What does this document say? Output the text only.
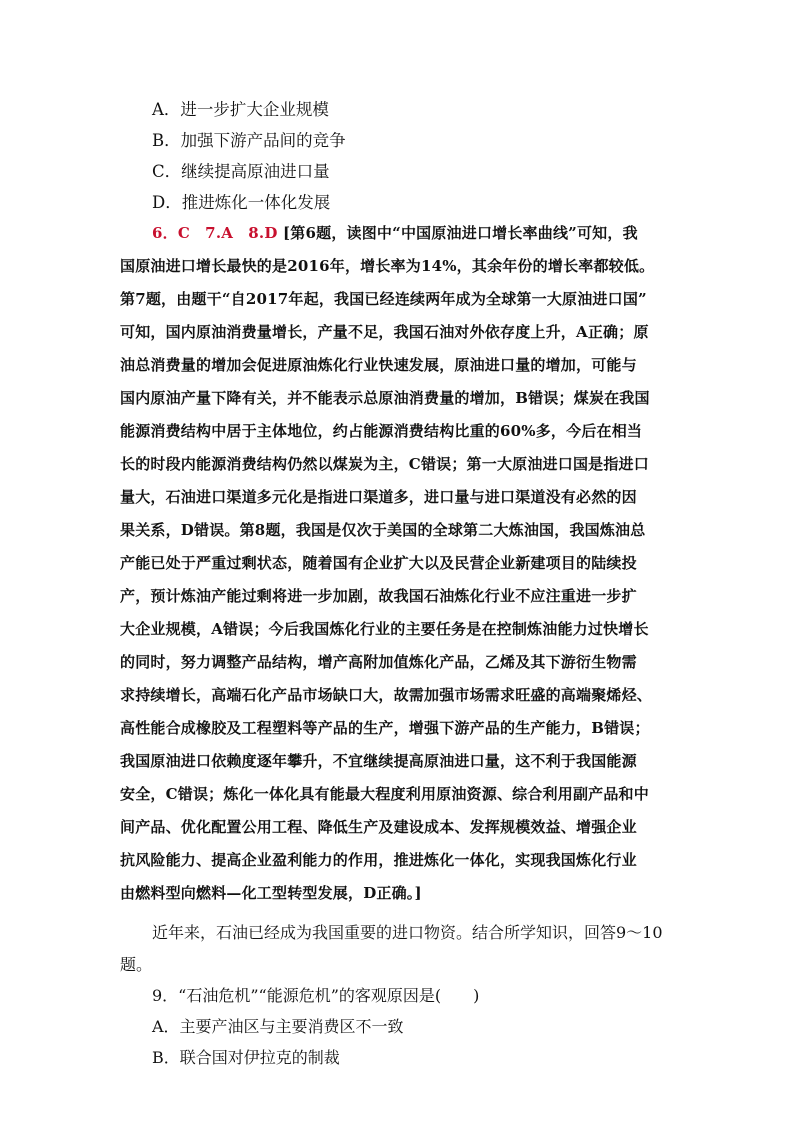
A．进一步扩大企业规模
B．加强下游产品间的竞争
C．继续提高原油进口量
D．推进炼化一体化发展
6．C　7.A　8.D [第6题，读图中“中国原油进口增长率曲线”可知，我
国原油进口增长最快的是2016年，增长率为14%，其余年份的增长率都较低。
第7题，由题干“自2017年起，我国已经连续两年成为全球第一大原油进口国”
可知，国内原油消费量增长，产量不足，我国石油对外依存度上升，A正确；原
油总消费量的增加会促进原油炼化行业快速发展，原油进口量的增加，可能与
国内原油产量下降有关，并不能表示总原油消费量的增加，B错误；煤炭在我国
能源消费结构中居于主体地位，约占能源消费结构比重的60%多，今后在相当
长的时段内能源消费结构仍然以煤炭为主，C错误；第一大原油进口国是指进口
量大，石油进口渠道多元化是指进口渠道多，进口量与进口渠道没有必然的因
果关系，D错误。第8题，我国是仅次于美国的全球第二大炼油国，我国炼油总
产能已处于严重过剩状态，随着国有企业扩大以及民营企业新建项目的陆续投
产，预计炼油产能过剩将进一步加剧，故我国石油炼化行业不应注重进一步扩
大企业规模，A错误；今后我国炼化行业的主要任务是在控制炼油能力过快增长
的同时，努力调整产品结构，增产高附加值炼化产品，乙烯及其下游衍生物需
求持续增长，高端石化产品市场缺口大，故需加强市场需求旺盛的高端聚烯烃、
高性能合成橡胶及工程塑料等产品的生产，增强下游产品的生产能力，B错误；
我国原油进口依赖度逐年攀升，不宜继续提高原油进口量，这不利于我国能源
安全，C错误；炼化一体化具有能最大程度利用原油资源、综合利用副产品和中
间产品、优化配置公用工程、降低生产及建设成本、发挥规模效益、增强企业
抗风险能力、提高企业盈利能力的作用，推进炼化一体化，实现我国炼化行业
由燃料型向燃料—化工型转型发展，D正确。]
近年来，石油已经成为我国重要的进口物资。结合所学知识，回答9～10
题。
9．“石油危机”“能源危机”的客观原因是(　　)
A．主要产油区与主要消费区不一致
B．联合国对伊拉克的制裁
